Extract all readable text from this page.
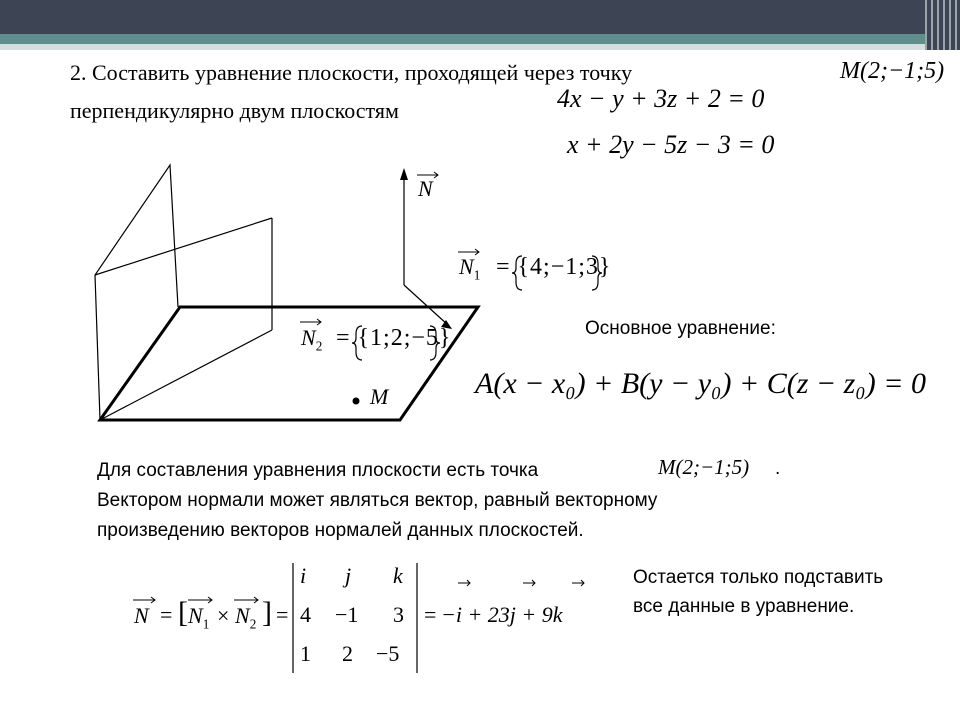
2. Составить уравнение плоскости, проходящей через точку	M(2;−1;5)
перпендикулярно двум плоскостям	4x − y + 3z + 2 = 0
x + 2y − 5z − 3 = 0
N
$N_1$ = {4;−1;3}
$N_2$ = {1;2;−5}
M
Основное уравнение:
A(x − x₀) + B(y − y₀) + C(z − z₀) = 0
Для составления уравнения плоскости есть точка	M(2;−1;5) .
Вектором нормали может являться вектор, равный векторному
произведению векторов нормалей данных плоскостей.
N = [ $N_1 \times N_2$ ] =
i j k
4 −1 3
1 2 −5
= −i + 23j + 9k
Остается только подставить
все данные в уравнение.
